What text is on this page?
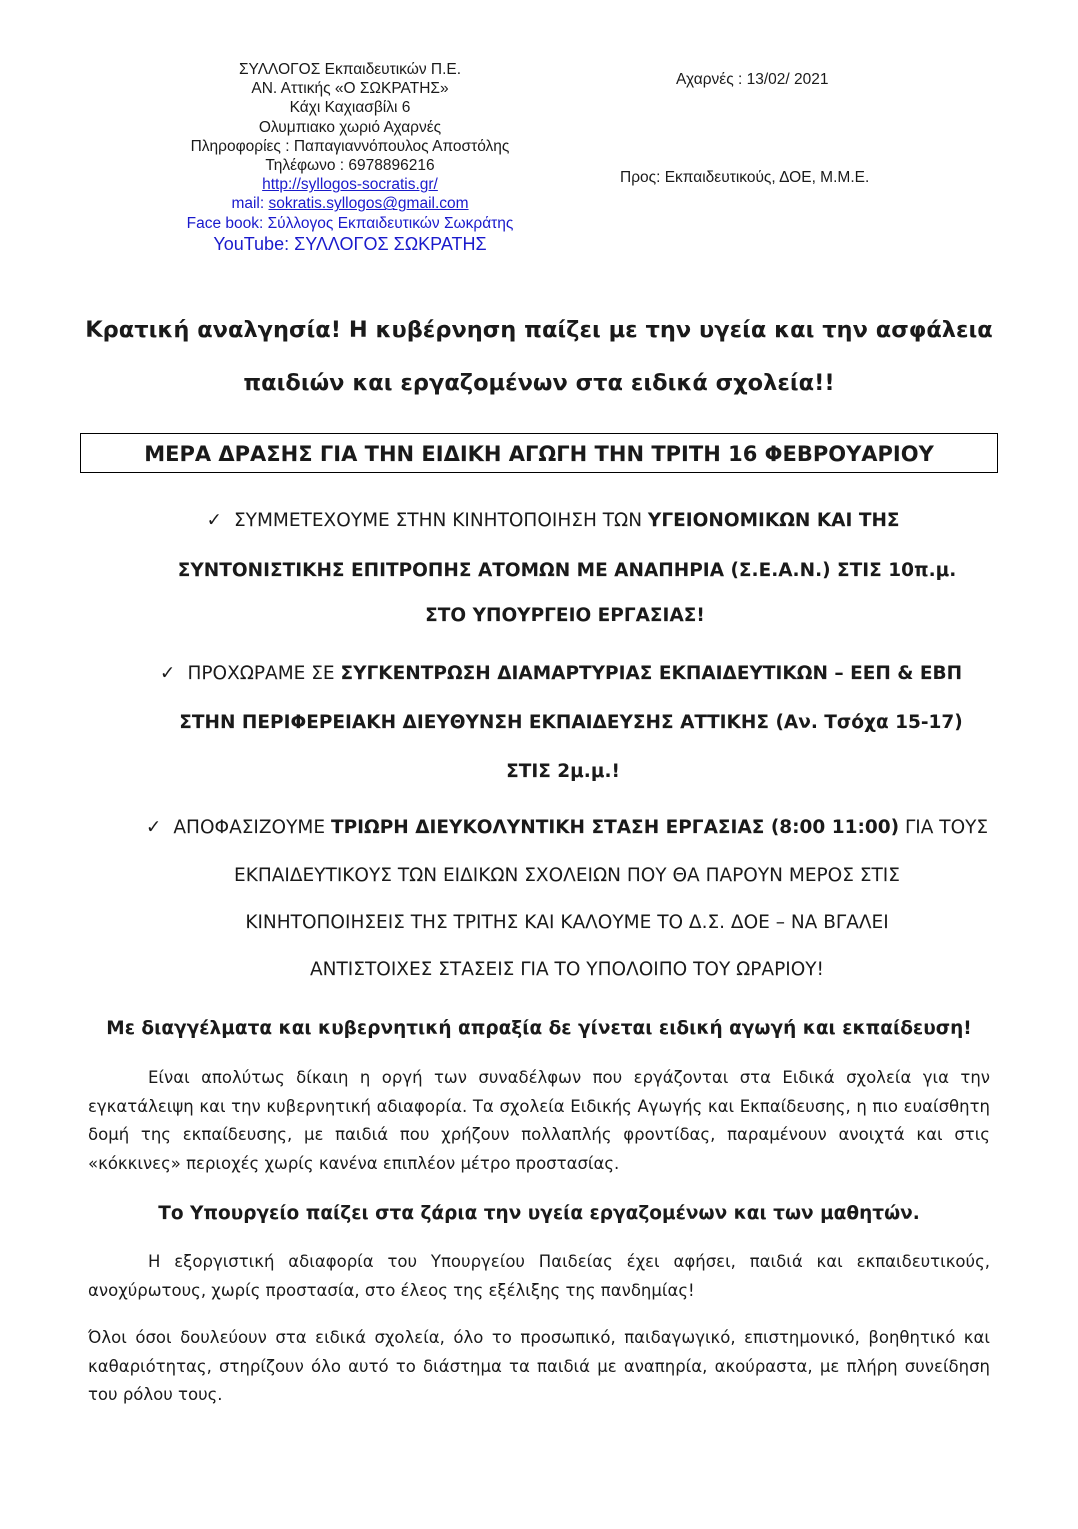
ΣΥΛΛΟΓΟΣ Εκπαιδευτικών Π.Ε.
ΑΝ. Αττικής «Ο ΣΩΚΡΑΤΗΣ»
Κάχι Καχιασβίλι 6
Ολυμπιακο χωριό Αχαρνές
Πληροφορίες : Παπαγιαννόπουλος Αποστόλης
Τηλέφωνο : 6978896216
http://syllogos-socratis.gr/
mail: sokratis.syllogos@gmail.com
Face book: Σύλλογος Εκπαιδευτικών Σωκράτης
YouTube: ΣΥΛΛΟΓΟΣ ΣΩΚΡΑΤΗΣ
Αχαρνές : 13/02/ 2021
Προς: Εκπαιδευτικούς, ΔΟΕ, Μ.Μ.Ε.
Κρατική αναλγησία! Η κυβέρνηση παίζει με την υγεία και την ασφάλεια
παιδιών και εργαζομένων στα ειδικά σχολεία!!
ΜΕΡΑ ΔΡΑΣΗΣ ΓΙΑ ΤΗΝ ΕΙΔΙΚΗ ΑΓΩΓΗ ΤΗΝ ΤΡΙΤΗ 16 ΦΕΒΡΟΥΑΡΙΟΥ
✓ ΣΥΜΜΕΤΕΧΟΥΜΕ ΣΤΗΝ ΚΙΝΗΤΟΠΟΙΗΣΗ ΤΩΝ ΥΓΕΙΟΝΟΜΙΚΩΝ ΚΑΙ ΤΗΣ
ΣΥΝΤΟΝΙΣΤΙΚΗΣ ΕΠΙΤΡΟΠΗΣ ΑΤΟΜΩΝ ΜΕ ΑΝΑΠΗΡΙΑ (Σ.Ε.Α.Ν.) ΣΤΙΣ 10π.μ.
ΣΤΟ ΥΠΟΥΡΓΕΙΟ ΕΡΓΑΣΙΑΣ!
✓ ΠΡΟΧΩΡΑΜΕ ΣΕ ΣΥΓΚΕΝΤΡΩΣΗ ΔΙΑΜΑΡΤΥΡΙΑΣ ΕΚΠΑΙΔΕΥΤΙΚΩΝ – ΕΕΠ & ΕΒΠ
ΣΤΗΝ ΠΕΡΙΦΕΡΕΙΑΚΗ ΔΙΕΥΘΥΝΣΗ ΕΚΠΑΙΔΕΥΣΗΣ ΑΤΤΙΚΗΣ (Αν. Τσόχα 15-17)
ΣΤΙΣ 2μ.μ.!
✓ ΑΠΟΦΑΣΙΖΟΥΜΕ ΤΡΙΩΡΗ ΔΙΕΥΚΟΛΥΝΤΙΚΗ ΣΤΑΣΗ ΕΡΓΑΣΙΑΣ (8:00 11:00) ΓΙΑ ΤΟΥΣ
ΕΚΠΑΙΔΕΥΤΙΚΟΥΣ ΤΩΝ ΕΙΔΙΚΩΝ ΣΧΟΛΕΙΩΝ ΠΟΥ ΘΑ ΠΑΡΟΥΝ ΜΕΡΟΣ ΣΤΙΣ
ΚΙΝΗΤΟΠΟΙΗΣΕΙΣ ΤΗΣ ΤΡΙΤΗΣ ΚΑΙ ΚΑΛΟΥΜΕ ΤΟ Δ.Σ. ΔΟΕ – ΝΑ ΒΓΑΛΕΙ
ΑΝΤΙΣΤΟΙΧΕΣ ΣΤΑΣΕΙΣ ΓΙΑ ΤΟ ΥΠΟΛΟΙΠΟ ΤΟΥ ΩΡΑΡΙΟΥ!
Με διαγγέλματα και κυβερνητική απραξία δε γίνεται ειδική αγωγή και εκπαίδευση!
Είναι απολύτως δίκαιη η οργή των συναδέλφων που εργάζονται στα Ειδικά σχολεία για την εγκατάλειψη και την κυβερνητική αδιαφορία. Τα σχολεία Ειδικής Αγωγής και Εκπαίδευσης, η πιο ευαίσθητη δομή της εκπαίδευσης, με παιδιά που χρήζουν πολλαπλής φροντίδας, παραμένουν ανοιχτά και στις «κόκκινες» περιοχές χωρίς κανένα επιπλέον μέτρο προστασίας.
Το Υπουργείο παίζει στα ζάρια την υγεία εργαζομένων και των μαθητών.
Η εξοργιστική αδιαφορία του Υπουργείου Παιδείας έχει αφήσει, παιδιά και εκπαιδευτικούς, ανοχύρωτους, χωρίς προστασία, στο έλεος της εξέλιξης της πανδημίας!
Όλοι όσοι δουλεύουν στα ειδικά σχολεία, όλο το προσωπικό, παιδαγωγικό, επιστημονικό, βοηθητικό και καθαριότητας, στηρίζουν όλο αυτό το διάστημα τα παιδιά με αναπηρία, ακούραστα, με πλήρη συνείδηση του ρόλου τους.
